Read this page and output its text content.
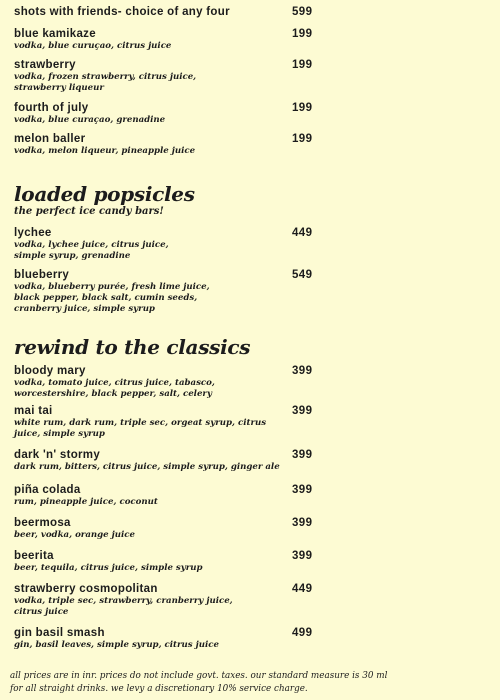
shots with friends- choice of any four	599
blue kamikaze	199
vodka, blue curuçao, citrus juice
strawberry	199
vodka, frozen strawberry, citrus juice,
strawberry liqueur
fourth of july	199
vodka, blue curaçao, grenadine
melon baller	199
vodka, melon liqueur, pineapple juice
loaded popsicles
the perfect ice candy bars!
lychee	449
vodka, lychee juice, citrus juice,
simple syrup, grenadine
blueberry	549
vodka, blueberry purée, fresh lime juice,
black pepper, black salt, cumin seeds,
cranberry juice, simple syrup
rewind to the classics
bloody mary	399
vodka, tomato juice, citrus juice, tabasco,
worcestershire, black pepper, salt, celery
mai tai	399
white rum, dark rum, triple sec, orgeat syrup, citrus
juice, simple syrup
dark 'n' stormy	399
dark rum, bitters, citrus juice, simple syrup, ginger ale
piña colada	399
rum, pineapple juice, coconut
beermosa	399
beer, vodka, orange juice
beerita	399
beer, tequila, citrus juice, simple syrup
strawberry cosmopolitan	449
vodka, triple sec, strawberry, cranberry juice,
citrus juice
gin basil smash	499
gin, basil leaves, simple syrup, citrus juice
all prices are in inr. prices do not include govt. taxes. our standard measure is 30 ml
for all straight drinks. we levy a discretionary 10% service charge.
